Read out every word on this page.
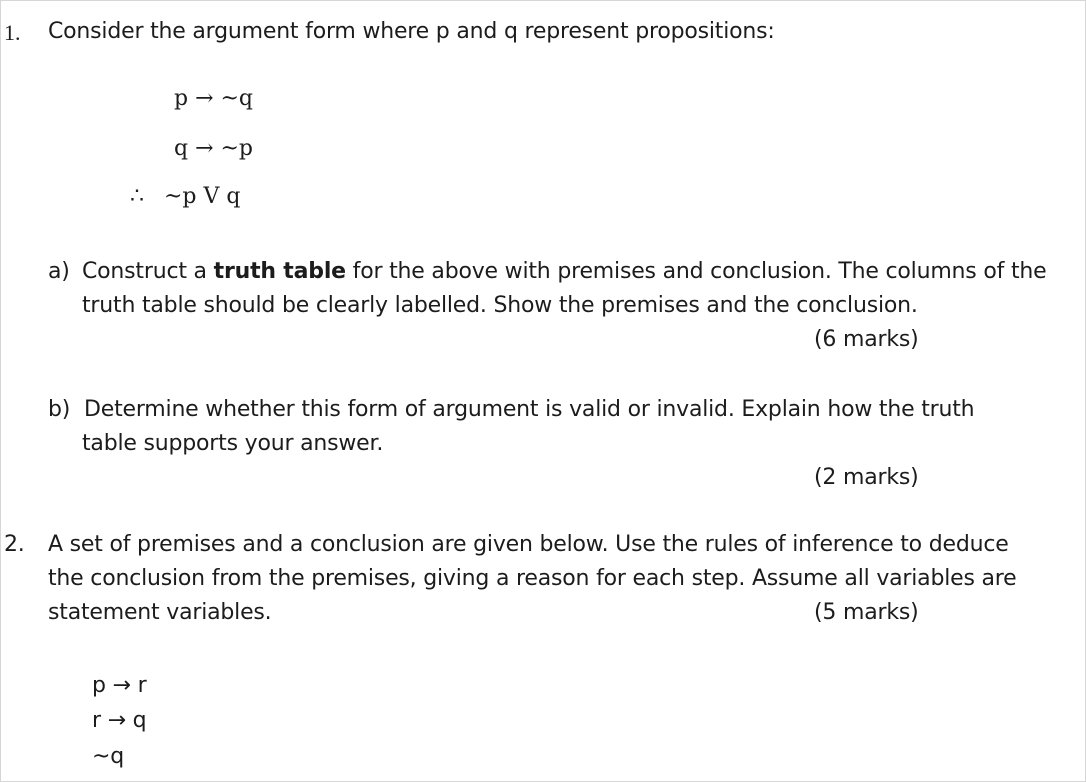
1. Consider the argument form where p and q represent propositions:
p → ~q
q → ~p
∴ ~p V q
a) Construct a truth table for the above with premises and conclusion. The columns of the
truth table should be clearly labelled. Show the premises and the conclusion.
(6 marks)
b) Determine whether this form of argument is valid or invalid. Explain how the truth
table supports your answer.
(2 marks)
2. A set of premises and a conclusion are given below. Use the rules of inference to deduce
the conclusion from the premises, giving a reason for each step. Assume all variables are
statement variables.	(5 marks)
p → r
r → q
~q
